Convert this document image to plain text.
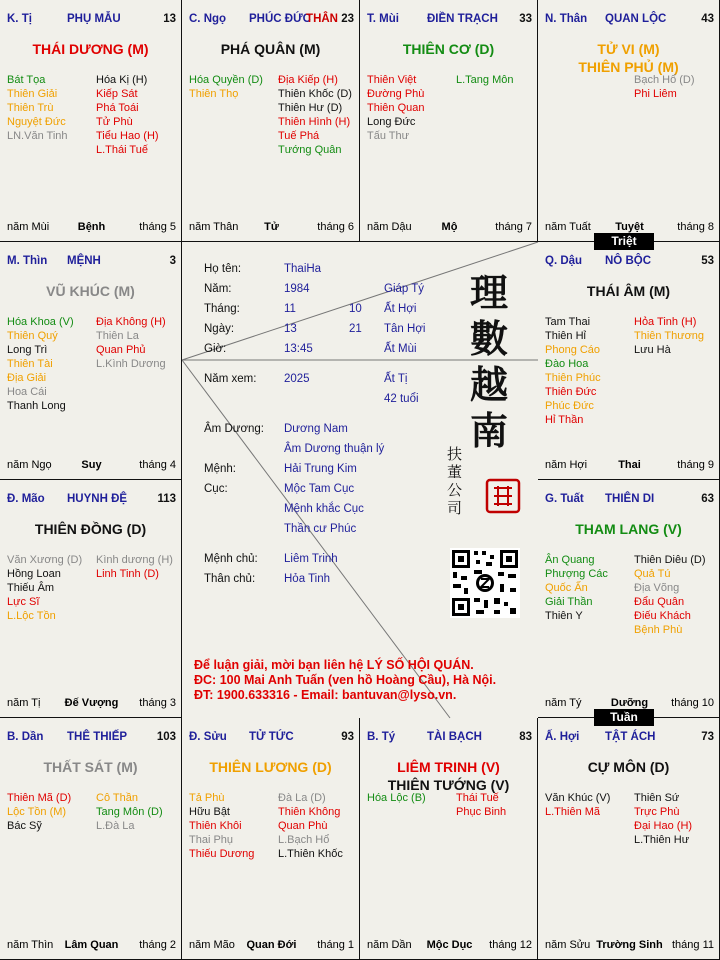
K. Tị	PHỤ MẪU	13
THÁI DƯƠNG (M)
Bát Tọa
Thiên Giải
Thiên Trù
Nguyệt Đức
LN.Văn Tinh
Hóa Kị (H)
Kiếp Sát
Phá Toái
Tử Phù
Tiểu Hao (H)
L.Thái Tuế
năm Mùi	Bệnh	tháng 5
C. Ngọ PHÚC ĐỨC
THÂN 23
PHÁ QUÂN (M)
Hóa Quyền (D)
Thiên Thọ
Địa Kiếp (H)
Thiên Khốc (D)
Thiên Hư (D)
Thiên Hình (H)
Tuế Phá
Tướng Quân
năm Thân	Tử	tháng 6
T. Mùi ĐIỀN TRẠCH 33
THIÊN CƠ (D)
Thiên Việt
Đường Phù
Thiên Quan
Long Đức
Tấu Thư
L.Tang Môn
năm Dậu	Mộ	tháng 7
N. Thân QUAN LỘC	43
TỬ VI (M)
THIÊN PHỦ (M)
Bạch Hổ (D)
Phi Liêm
năm Tuất	Tuyệt	tháng 8
M. Thìn MỆNH	3
VŨ KHÚC (M)
Hóa Khoa (V)
Thiên Quý
Long Trì
Thiên Tài
Địa Giải
Hoa Cái
Thanh Long
Địa Không (H)
Thiên La
Quan Phủ
L.Kình Dương
năm Ngọ	Suy	tháng 4
Q. Dậu NÔ BỘC	53
THÁI ÂM (M)
Tam Thai
Thiên Hỉ
Phong Cáo
Đào Hoa
Thiên Phúc
Thiên Đức
Phúc Đức
Hỉ Thần
Hỏa Tinh (H)
Thiên Thương
Lưu Hà
năm Hợi	Thai	tháng 9
Đ. Mão HUYNH ĐỆ	113
THIÊN ĐỒNG (D)
Văn Xương (D)
Hồng Loan
Thiếu Âm
Lực Sĩ
L.Lộc Tồn
Kình dương (H)
Linh Tinh (D)
năm Tị	Đế Vượng	tháng 3
G. Tuất THIÊN DI	63
THAM LANG (V)
Ân Quang
Phượng Các
Quốc Ấn
Giải Thần
Thiên Y
Thiên Diêu (D)
Quả Tú
Địa Võng
Đẩu Quân
Điếu Khách
Bệnh Phù
năm Tý	Dưỡng	tháng 10
B. Dần THÊ THIẾP	103
THẤT SÁT (M)
Thiên Mã (D)
Lộc Tồn (M)
Bác Sỹ
Cô Thần
Tang Môn (D)
L.Đà La
năm Thìn	Lâm Quan	tháng 2
Đ. Sửu TỬ TỨC	93
THIÊN LƯƠNG (D)
Tả Phù
Hữu Bật
Thiên Khôi
Thai Phụ
Thiếu Dương
Đà La (D)
Thiên Không
Quan Phù
L.Bạch Hổ
L.Thiên Khốc
năm Mão	Quan Đới	tháng 1
B. Tý	TÀI BẠCH	83
LIÊM TRINH (V)
THIÊN TƯỚNG (V)
Hóa Lộc (B)	Thái Tuế
Phục Binh
năm Dần	Mộc Dục	tháng 12
Ấ. Hợi TẬT ÁCH	73
CỰ MÔN (D)
Văn Khúc (V)
L.Thiên Mã
Thiên Sứ
Trực Phù
Đại Hao (H)
L.Thiên Hư
năm Sửu Trường Sinh tháng 11
Triệt
Tuần
Họ tên:	ThaiHa
Năm:	1984	Giáp Tý
Tháng:	11	10 Ất Hợi
Ngày:	13	21 Tân Hợi
Giờ:	13:45	Ất Mùi
Năm xem: 2025	Ất Tị
42 tuổi
Âm Dương: Dương Nam
Âm Dương thuận lý
Mệnh:	Hải Trung Kim
Cục:	Mộc Tam Cục
Mệnh khắc Cục
Thần cư Phúc
Mệnh chủ: Liêm Trinh
Thân chủ:	Hỏa Tinh
理
數
越
南
扶
董
公
司
Để luận giải, mời bạn liên hệ LÝ SỐ HỘI QUÁN.
ĐC: 100 Mai Anh Tuấn (ven hồ Hoàng Cầu), Hà Nội.
ĐT: 1900.633316 - Email: bantuvan@lyso.vn.
